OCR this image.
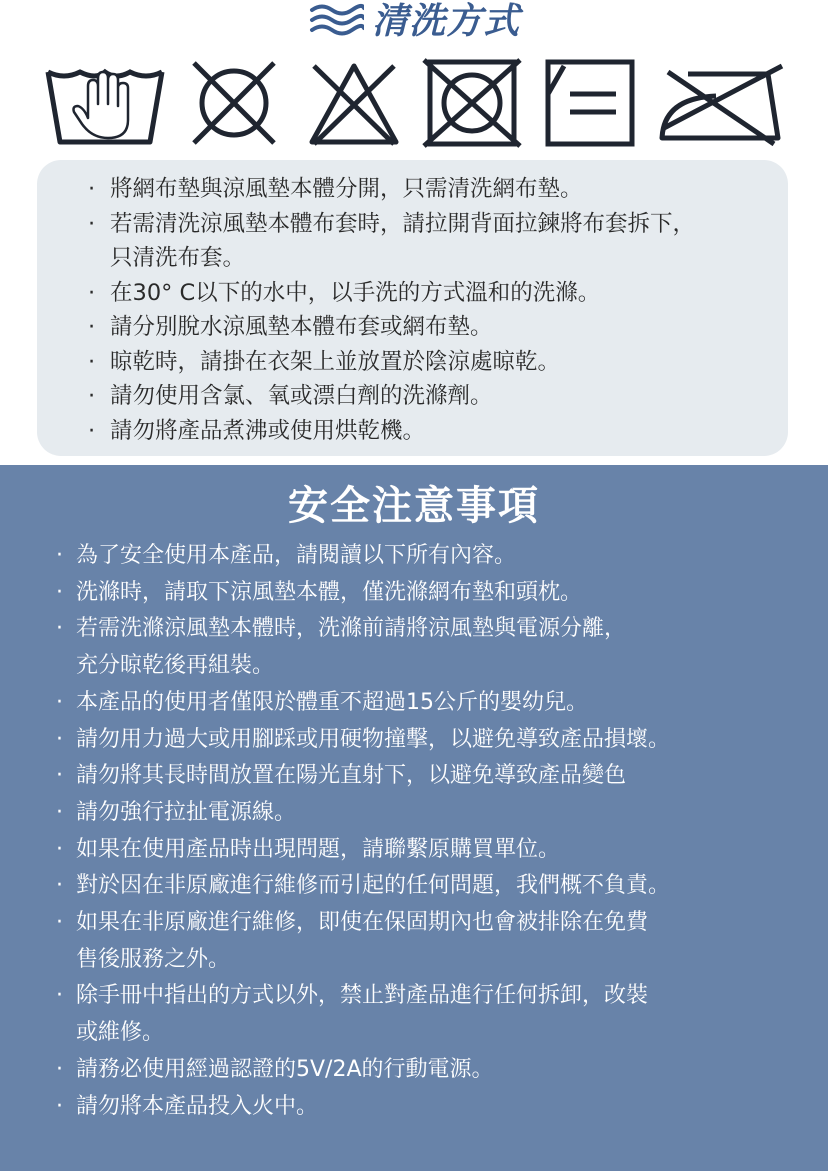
清洗方式
· 將網布墊與涼風墊本體分開，只需清洗網布墊。
· 若需清洗涼風墊本體布套時，請拉開背面拉鍊將布套拆下，
只清洗布套。
· 在30° C以下的水中，以手洗的方式溫和的洗滌。
· 請分別脫水涼風墊本體布套或網布墊。
· 晾乾時，請掛在衣架上並放置於陰涼處晾乾。
· 請勿使用含氯、氧或漂白劑的洗滌劑。
· 請勿將產品煮沸或使用烘乾機。
安全注意事項
· 為了安全使用本產品，請閱讀以下所有內容。
· 洗滌時，請取下涼風墊本體，僅洗滌網布墊和頭枕。
· 若需洗滌涼風墊本體時，洗滌前請將涼風墊與電源分離，
充分晾乾後再組裝。
· 本產品的使用者僅限於體重不超過15公斤的嬰幼兒。
· 請勿用力過大或用腳踩或用硬物撞擊，以避免導致產品損壞。
· 請勿將其長時間放置在陽光直射下，以避免導致產品變色
· 請勿強行拉扯電源線。
· 如果在使用產品時出現問題，請聯繫原購買單位。
· 對於因在非原廠進行維修而引起的任何問題，我們概不負責。
· 如果在非原廠進行維修，即使在保固期內也會被排除在免費
售後服務之外。
· 除手冊中指出的方式以外，禁止對產品進行任何拆卸，改裝
或維修。
· 請務必使用經過認證的5V/2A的行動電源。
· 請勿將本產品投入火中。
